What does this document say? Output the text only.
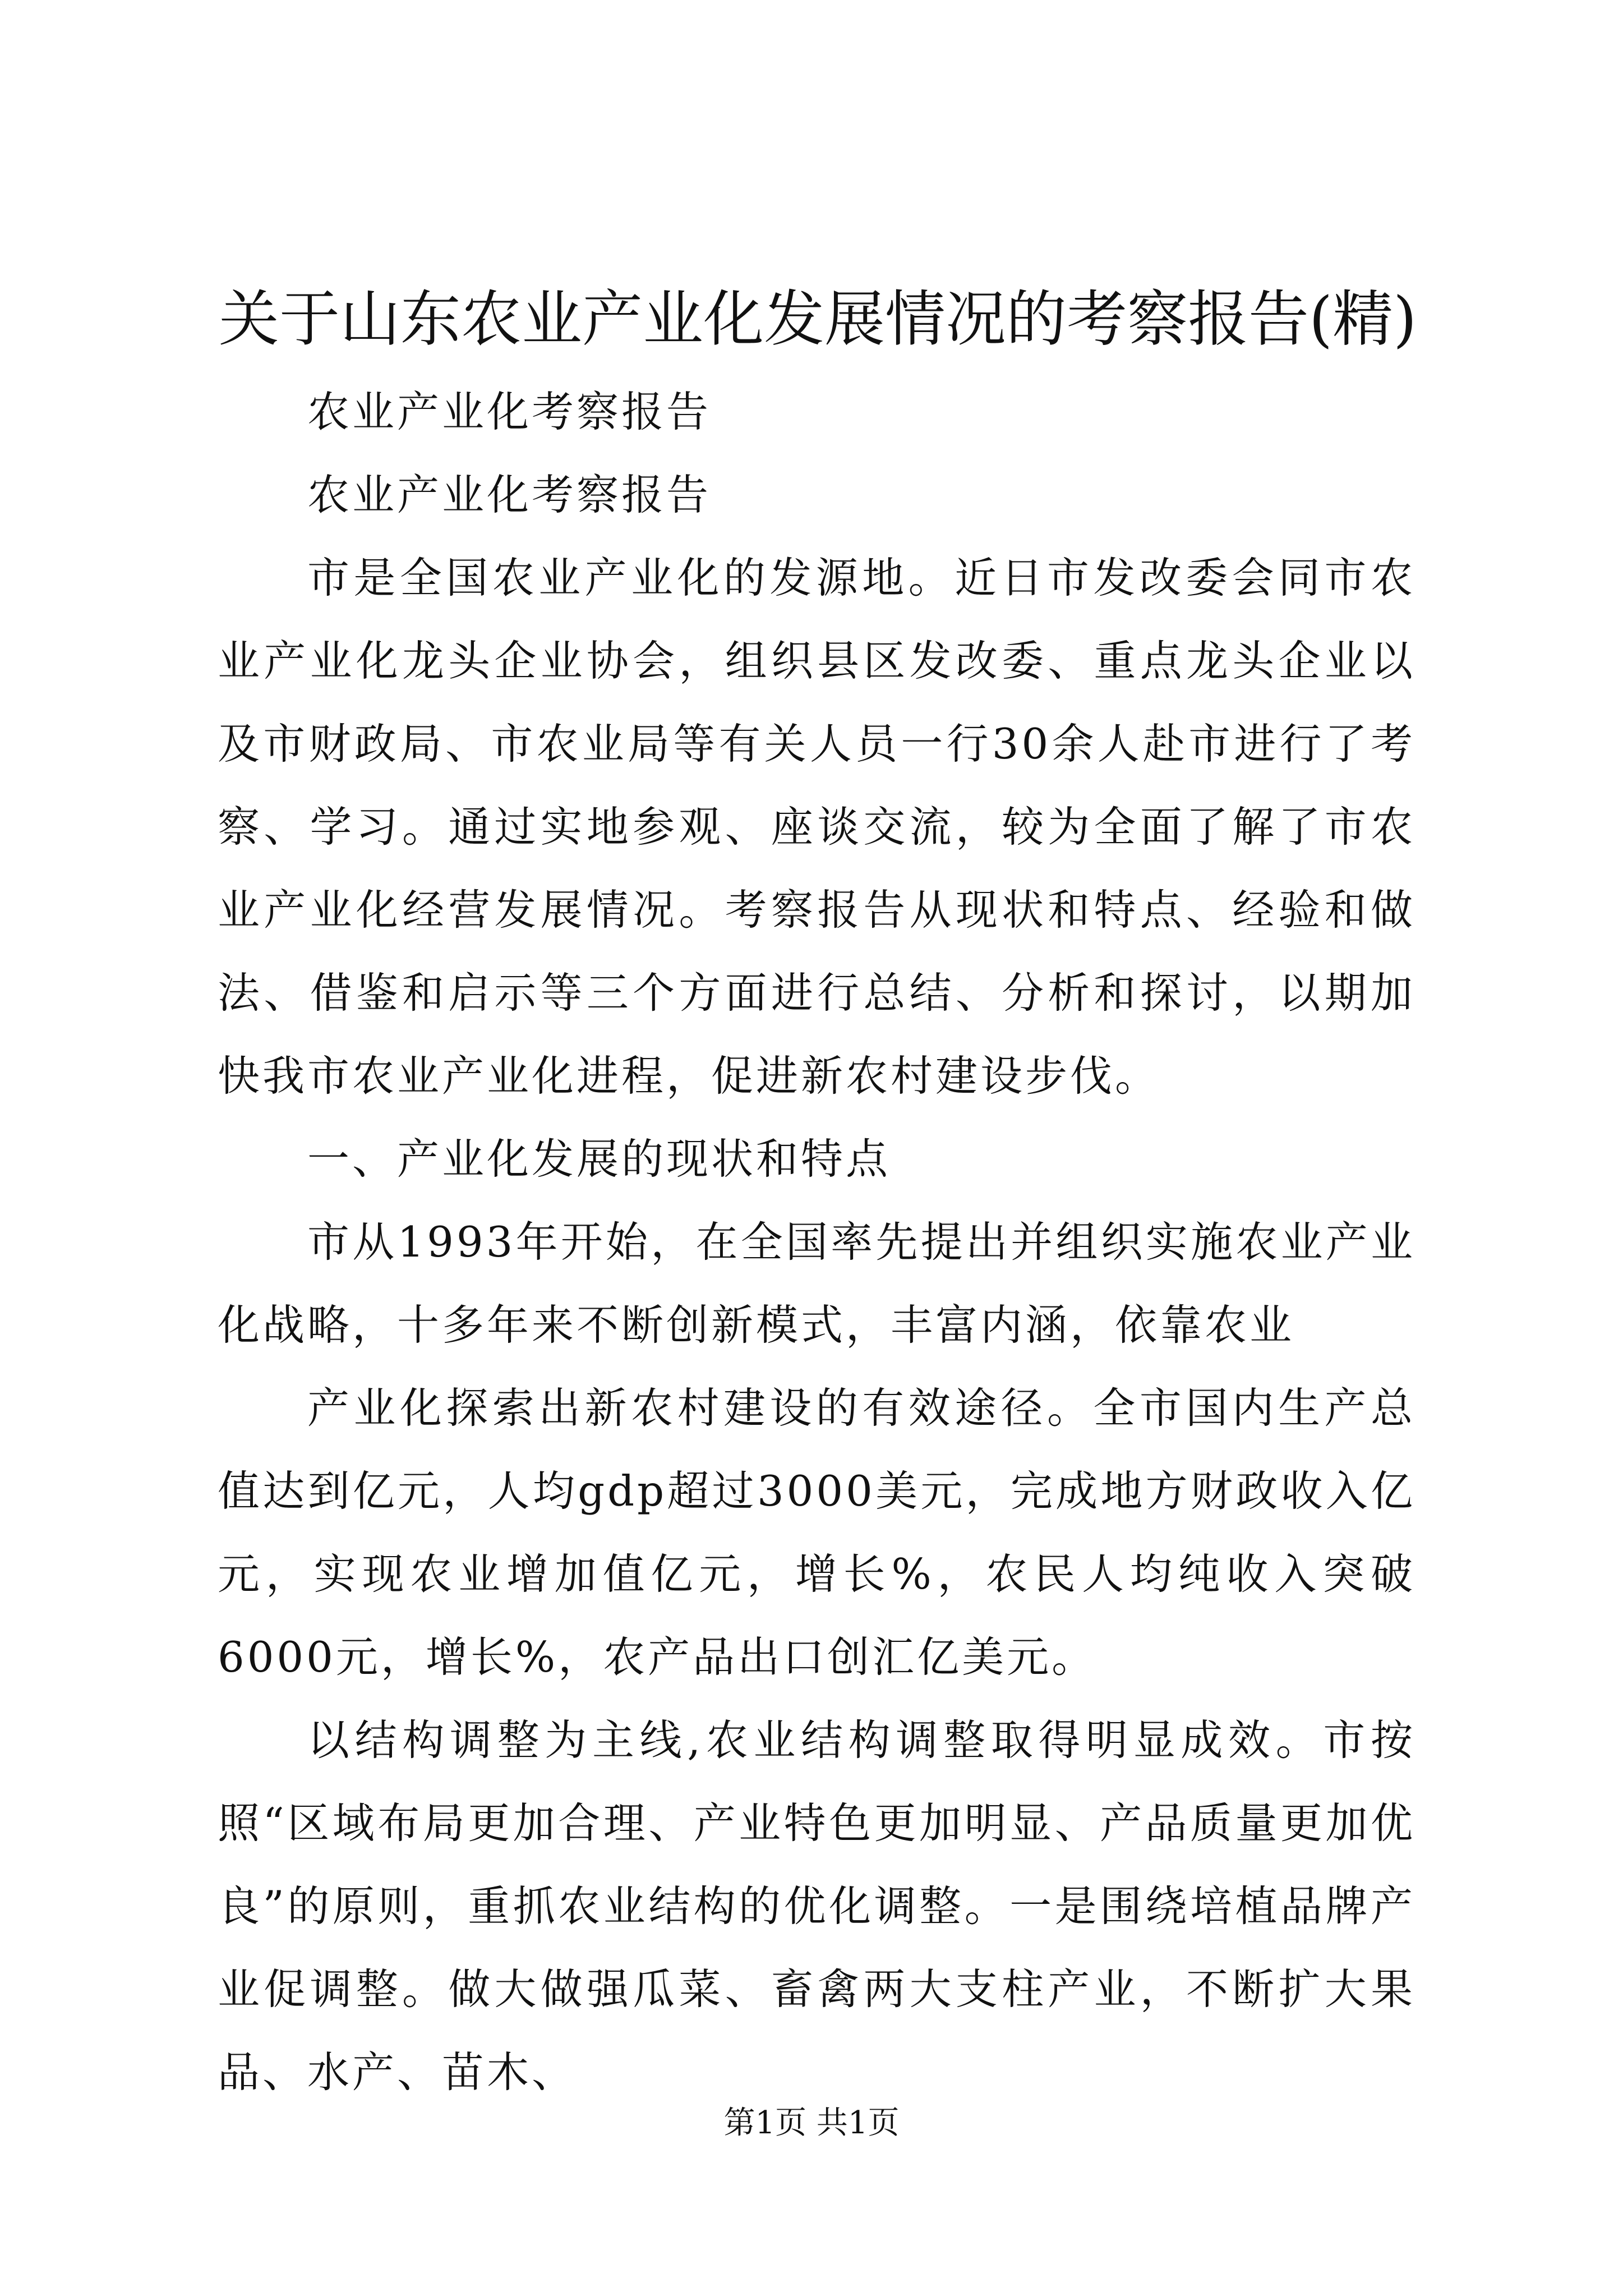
关于山东农业产业化发展情况的考察报告(精)

农业产业化考察报告

农业产业化考察报告

市是全国农业产业化的发源地。近日市发改委会同市农业产业化龙头企业协会，组织县区发改委、重点龙头企业以及市财政局、市农业局等有关人员一行30余人赴市进行了考察、学习。通过实地参观、座谈交流，较为全面了解了市农业产业化经营发展情况。考察报告从现状和特点、经验和做法、借鉴和启示等三个方面进行总结、分析和探讨，以期加快我市农业产业化进程，促进新农村建设步伐。

一、产业化发展的现状和特点

市从1993年开始，在全国率先提出并组织实施农业产业化战略，十多年来不断创新模式，丰富内涵，依靠农业

产业化探索出新农村建设的有效途径。全市国内生产总值达到亿元，人均gdp超过3000美元，完成地方财政收入亿元，实现农业增加值亿元，增长%，农民人均纯收入突破6000元，增长%，农产品出口创汇亿美元。

以结构调整为主线,农业结构调整取得明显成效。市按照“区域布局更加合理、产业特色更加明显、产品质量更加优良”的原则，重抓农业结构的优化调整。一是围绕培植品牌产业促调整。做大做强瓜菜、畜禽两大支柱产业，不断扩大果品、水产、苗木、

第1页 共1页
